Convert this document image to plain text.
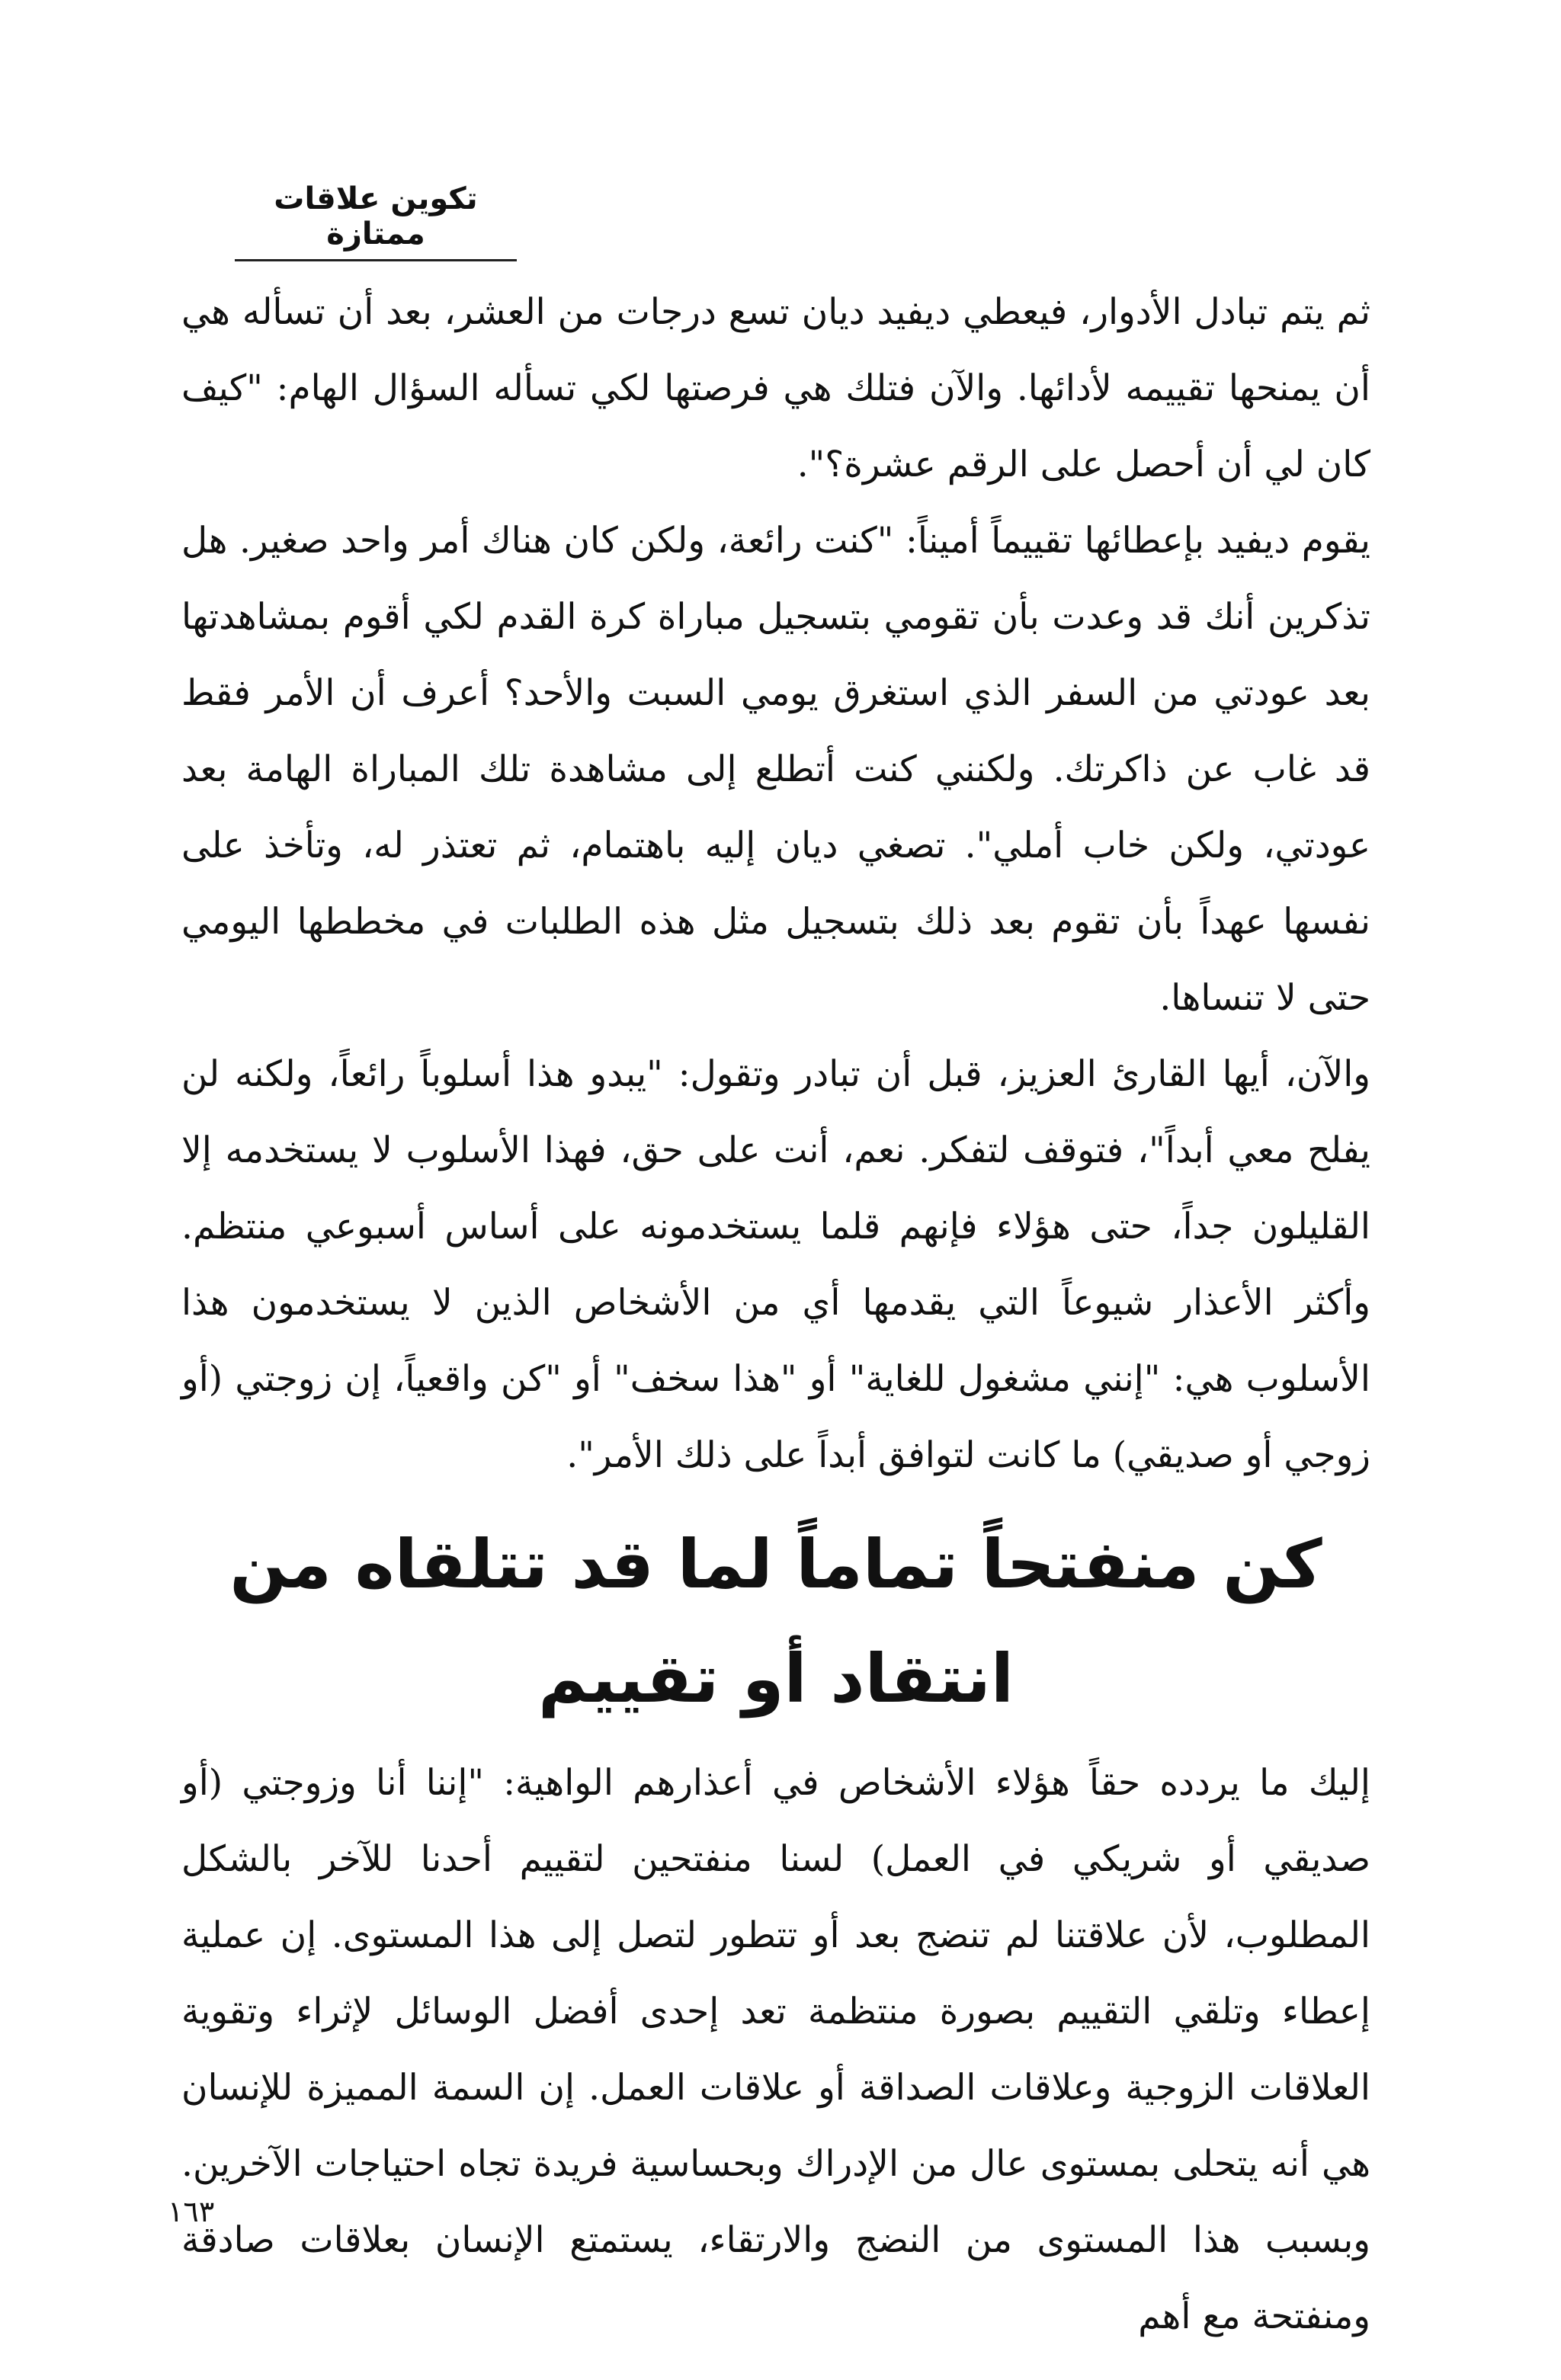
تكوين علاقات ممتازة

ثم يتم تبادل الأدوار، فيعطي ديفيد ديان تسع درجات من العشر، بعد أن تسأله هي أن يمنحها تقييمه لأدائها. والآن فتلك هي فرصتها لكي تسأله السؤال الهام: "كيف كان لي أن أحصل على الرقم عشرة؟".

يقوم ديفيد بإعطائها تقييماً أميناً: "كنت رائعة، ولكن كان هناك أمر واحد صغير. هل تذكرين أنك قد وعدت بأن تقومي بتسجيل مباراة كرة القدم لكي أقوم بمشاهدتها بعد عودتي من السفر الذي استغرق يومي السبت والأحد؟ أعرف أن الأمر فقط قد غاب عن ذاكرتك. ولكنني كنت أتطلع إلى مشاهدة تلك المباراة الهامة بعد عودتي، ولكن خاب أملي". تصغي ديان إليه باهتمام، ثم تعتذر له، وتأخذ على نفسها عهداً بأن تقوم بعد ذلك بتسجيل مثل هذه الطلبات في مخططها اليومي حتى لا تنساها.

والآن، أيها القارئ العزيز، قبل أن تبادر وتقول: "يبدو هذا أسلوباً رائعاً، ولكنه لن يفلح معي أبداً"، فتوقف لتفكر. نعم، أنت على حق، فهذا الأسلوب لا يستخدمه إلا القليلون جداً، حتى هؤلاء فإنهم قلما يستخدمونه على أساس أسبوعي منتظم. وأكثر الأعذار شيوعاً التي يقدمها أي من الأشخاص الذين لا يستخدمون هذا الأسلوب هي: "إنني مشغول للغاية" أو "هذا سخف" أو "كن واقعياً، إن زوجتي (أو زوجي أو صديقي) ما كانت لتوافق أبداً على ذلك الأمر".

كن منفتحاً تماماً لما قد تتلقاه من انتقاد أو تقييم

إليك ما يردده حقاً هؤلاء الأشخاص في أعذارهم الواهية: "إننا أنا وزوجتي (أو صديقي أو شريكي في العمل) لسنا منفتحين لتقييم أحدنا للآخر بالشكل المطلوب، لأن علاقتنا لم تنضج بعد أو تتطور لتصل إلى هذا المستوى. إن عملية إعطاء وتلقي التقييم بصورة منتظمة تعد إحدى أفضل الوسائل لإثراء وتقوية العلاقات الزوجية وعلاقات الصداقة أو علاقات العمل. إن السمة المميزة للإنسان هي أنه يتحلى بمستوى عال من الإدراك وبحساسية فريدة تجاه احتياجات الآخرين. وبسبب هذا المستوى من النضج والارتقاء، يستمتع الإنسان بعلاقات صادقة ومنفتحة مع أهم

١٦٣
